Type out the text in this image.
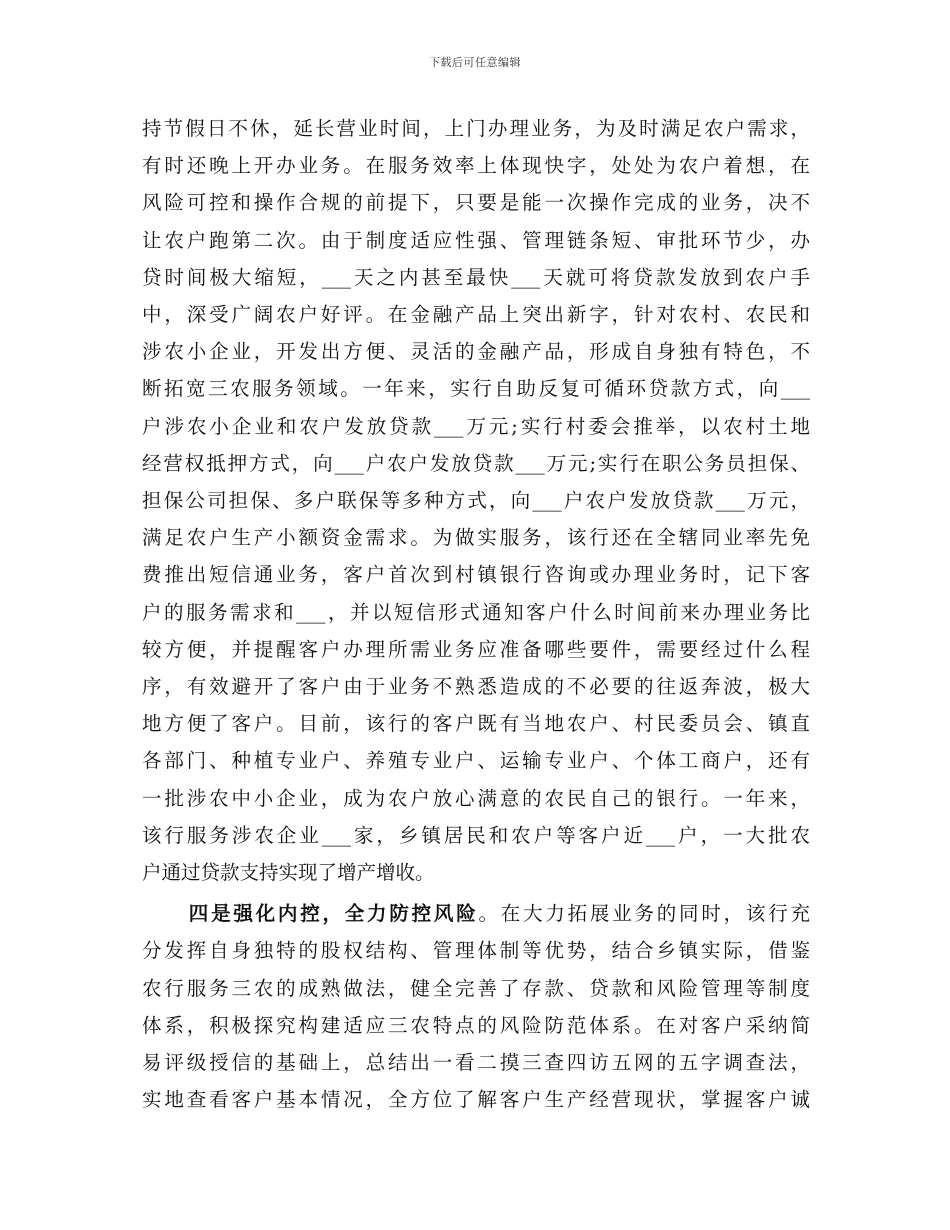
下载后可任意编辑
持节假日不休，延长营业时间，上门办理业务，为及时满足农户需求，
有时还晚上开办业务。在服务效率上体现快字，处处为农户着想，在
风险可控和操作合规的前提下，只要是能一次操作完成的业务，决不
让农户跑第二次。由于制度适应性强、管理链条短、审批环节少，办
贷时间极大缩短，___天之内甚至最快___天就可将贷款发放到农户手
中，深受广阔农户好评。在金融产品上突出新字，针对农村、农民和
涉农小企业，开发出方便、灵活的金融产品，形成自身独有特色，不
断拓宽三农服务领域。一年来，实行自助反复可循环贷款方式，向___
户涉农小企业和农户发放贷款___万元;实行村委会推举，以农村土地
经营权抵押方式，向___户农户发放贷款___万元;实行在职公务员担保、
担保公司担保、多户联保等多种方式，向___户农户发放贷款___万元，
满足农户生产小额资金需求。为做实服务，该行还在全辖同业率先免
费推出短信通业务，客户首次到村镇银行咨询或办理业务时，记下客
户的服务需求和___，并以短信形式通知客户什么时间前来办理业务比
较方便，并提醒客户办理所需业务应准备哪些要件，需要经过什么程
序，有效避开了客户由于业务不熟悉造成的不必要的往返奔波，极大
地方便了客户。目前，该行的客户既有当地农户、村民委员会、镇直
各部门、种植专业户、养殖专业户、运输专业户、个体工商户，还有
一批涉农中小企业，成为农户放心满意的农民自己的银行。一年来，
该行服务涉农企业___家，乡镇居民和农户等客户近___户，一大批农
户通过贷款支持实现了增产增收。
四是强化内控，全力防控风险。在大力拓展业务的同时，该行充
分发挥自身独特的股权结构、管理体制等优势，结合乡镇实际，借鉴
农行服务三农的成熟做法，健全完善了存款、贷款和风险管理等制度
体系，积极探究构建适应三农特点的风险防范体系。在对客户采纳简
易评级授信的基础上，总结出一看二摸三查四访五网的五字调查法，
实地查看客户基本情况，全方位了解客户生产经营现状，掌握客户诚
